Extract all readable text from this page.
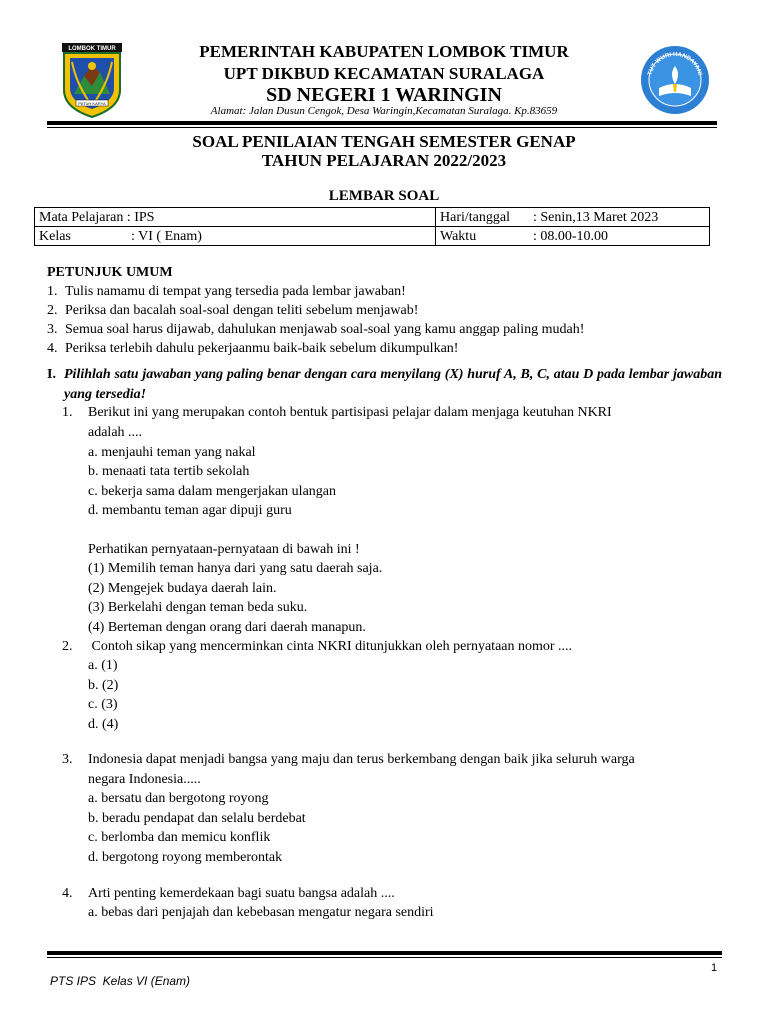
LOMBOK TIMUR
PATUH KARYA
TUT WURI HANDAYANI
PEMERINTAH KABUPATEN LOMBOK TIMUR
UPT DIKBUD KECAMATAN SURALAGA
SD NEGERI 1 WARINGIN
Alamat: Jalan Dusun Cengok, Desa Waringin,Kecamatan Suralaga. Kp.83659
SOAL PENILAIAN TENGAH SEMESTER GENAP
TAHUN PELAJARAN 2022/2023
LEMBAR SOAL
Mata Pelajaran : IPS	Hari/tanggal : Senin,13 Maret 2023
Kelas : VI ( Enam)	Waktu : 08.00-10.00
PETUNJUK UMUM
1. Tulis namamu di tempat yang tersedia pada lembar jawaban!
2. Periksa dan bacalah soal-soal dengan teliti sebelum menjawab!
3. Semua soal harus dijawab, dahulukan menjawab soal-soal yang kamu anggap paling mudah!
4. Periksa terlebih dahulu pekerjaanmu baik-baik sebelum dikumpulkan!
I. Pilihlah satu jawaban yang paling benar dengan cara menyilang (X) huruf A, B, C, atau D pada lembar jawaban yang tersedia!
1. Berikut ini yang merupakan contoh bentuk partisipasi pelajar dalam menjaga keutuhan NKRI
adalah ....
a. menjauhi teman yang nakal
b. menaati tata tertib sekolah
c. bekerja sama dalam mengerjakan ulangan
d. membantu teman agar dipuji guru
Perhatikan pernyataan-pernyataan di bawah ini !
(1) Memilih teman hanya dari yang satu daerah saja.
(2) Mengejek budaya daerah lain.
(3) Berkelahi dengan teman beda suku.
(4) Berteman dengan orang dari daerah manapun.
2. Contoh sikap yang mencerminkan cinta NKRI ditunjukkan oleh pernyataan nomor ....
a. (1)
b. (2)
c. (3)
d. (4)
3. Indonesia dapat menjadi bangsa yang maju dan terus berkembang dengan baik jika seluruh warga
negara Indonesia.....
a. bersatu dan bergotong royong
b. beradu pendapat dan selalu berdebat
c. berlomba dan memicu konflik
d. bergotong royong memberontak
4. Arti penting kemerdekaan bagi suatu bangsa adalah ....
a. bebas dari penjajah dan kebebasan mengatur negara sendiri
1
PTS IPS  Kelas VI (Enam)
